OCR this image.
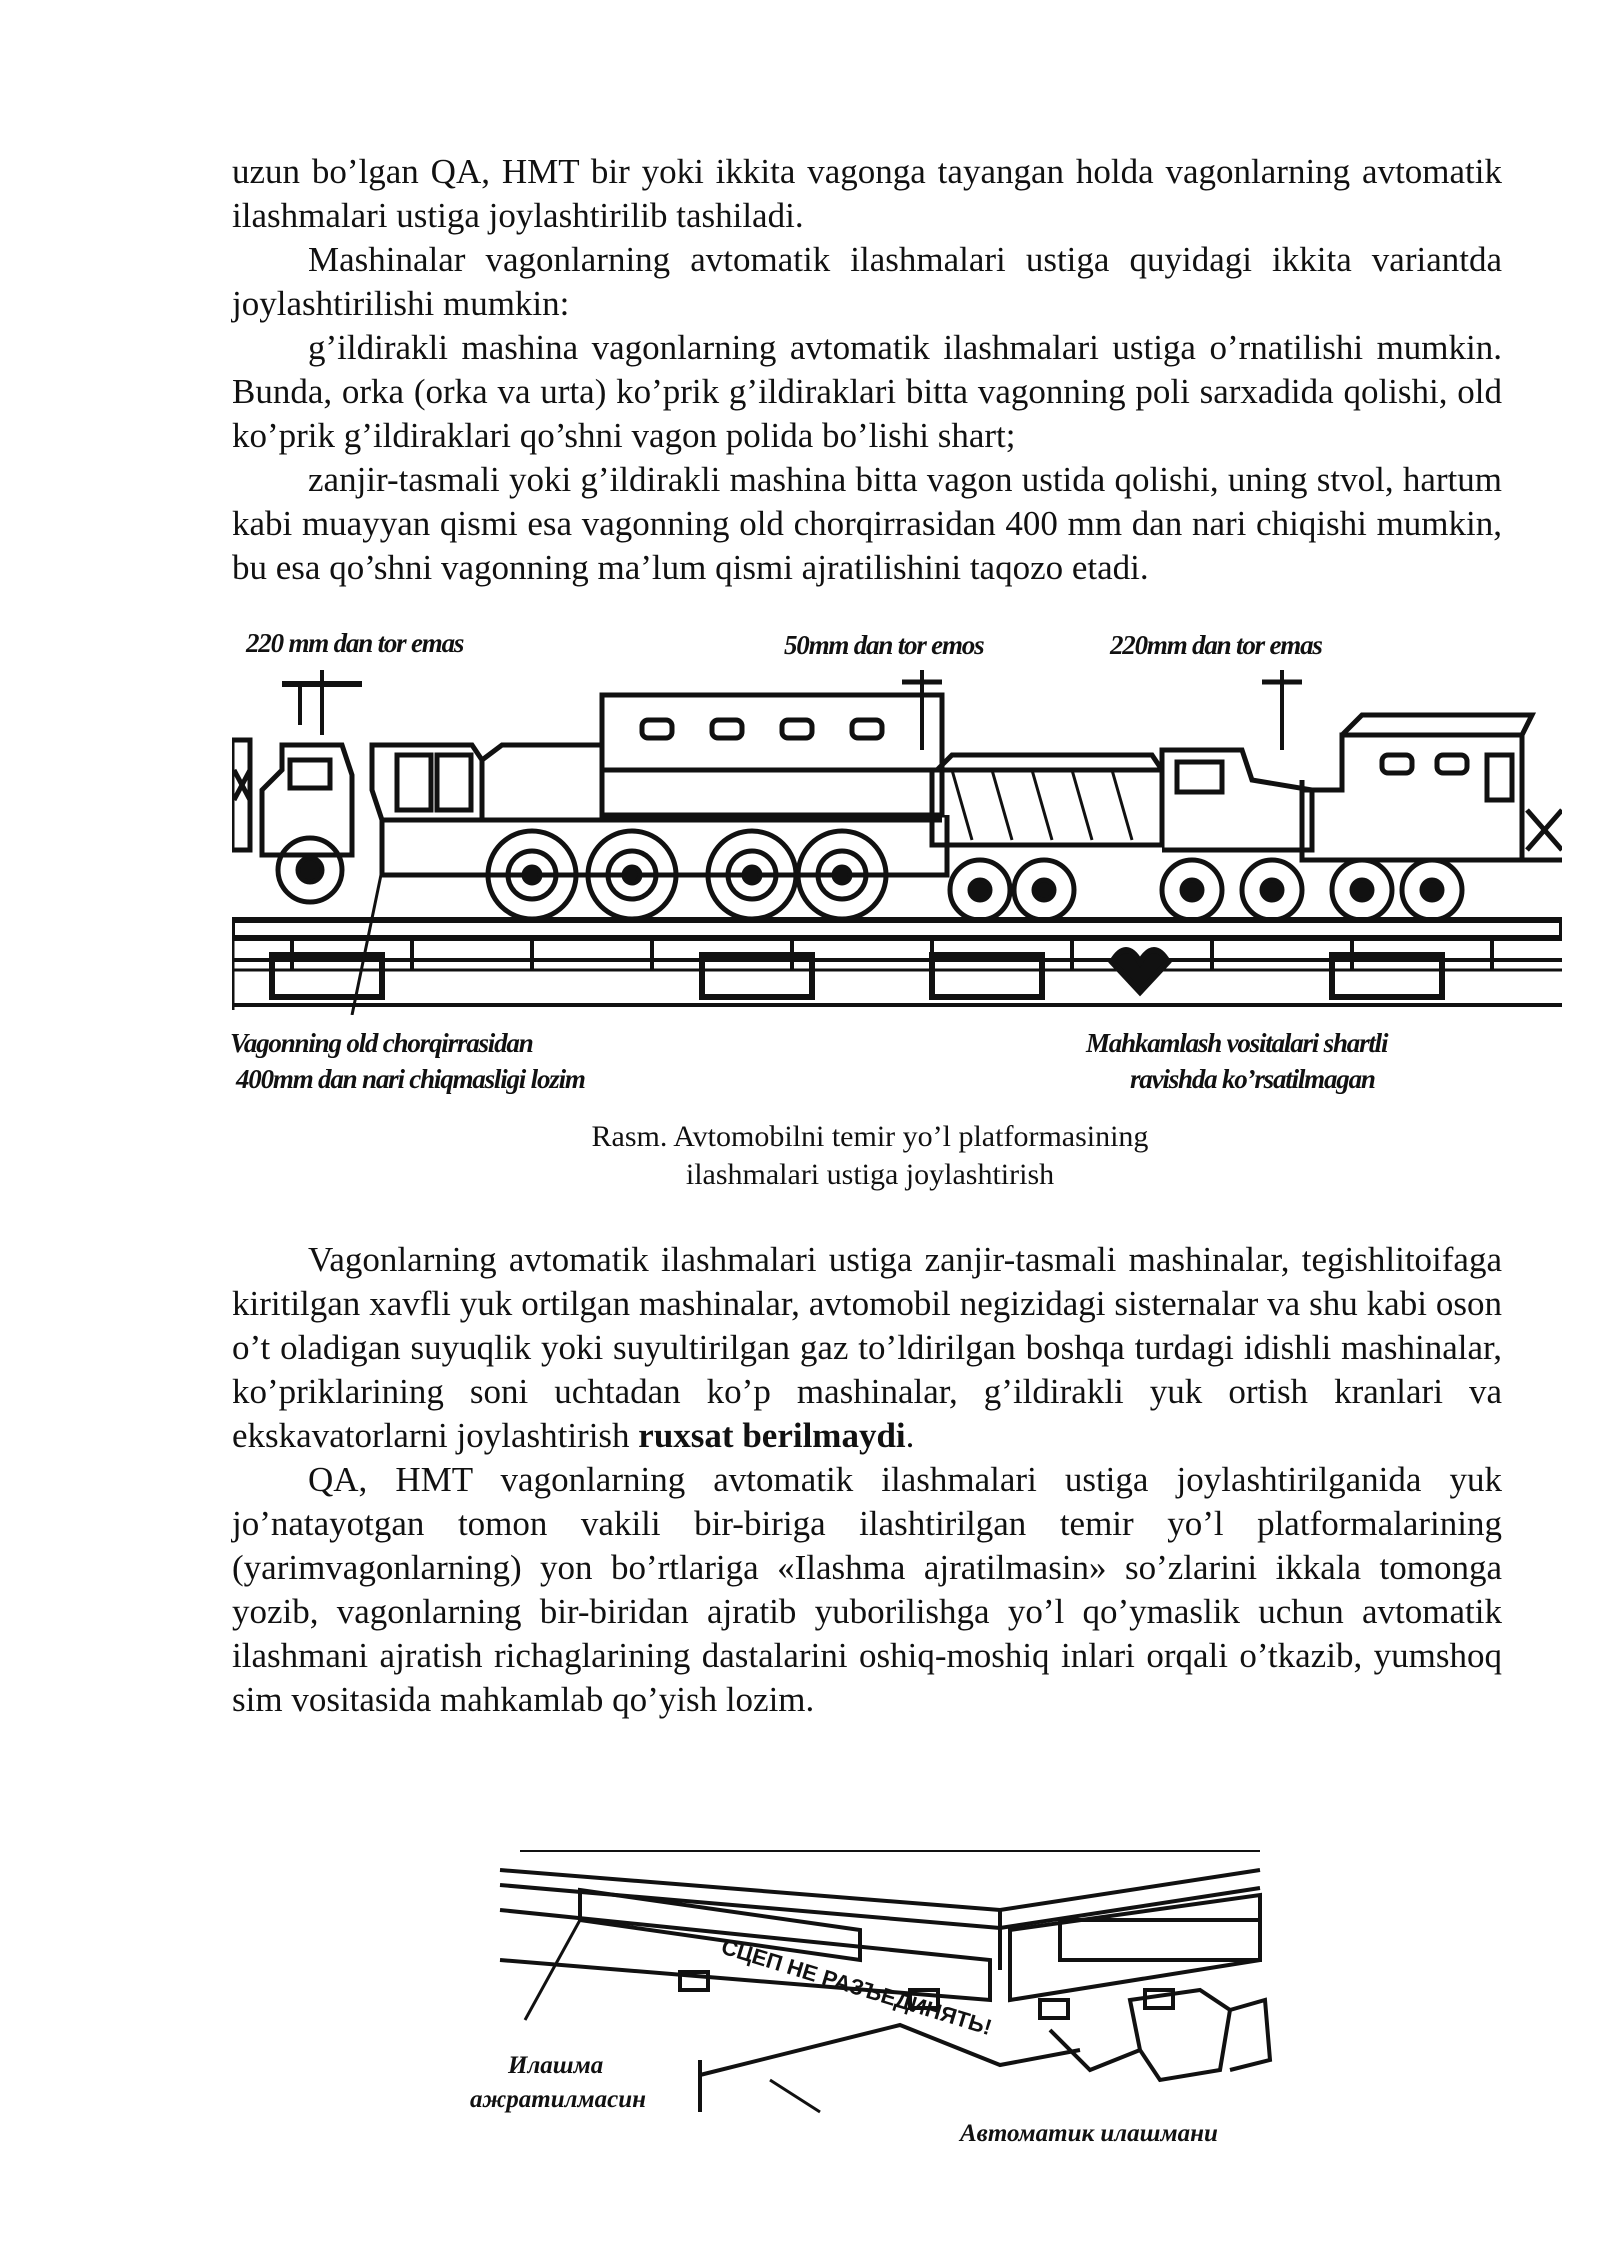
uzun bo’lgan QA, HMT bir yoki ikkita vagonga tayangan holda vagonlarning avtomatik ilashmalari ustiga joylashtirilib tashiladi.

Mashinalar vagonlarning avtomatik ilashmalari ustiga quyidagi ikkita variantda joylashtirilishi mumkin:

g’ildirakli mashina vagonlarning avtomatik ilashmalari ustiga o’rnatilishi mumkin. Bunda, orka (orka va urta) ko’prik g’ildiraklari bitta vagonning poli sarxadida qolishi, old ko’prik g’ildiraklari qo’shni vagon polida bo’lishi shart;

zanjir-tasmali yoki g’ildirakli mashina bitta vagon ustida qolishi, uning stvol, hartum kabi muayyan qismi esa vagonning old chorqirrasidan 400 mm dan nari chiqishi mumkin, bu esa qo’shni vagonning ma’lum qismi ajratilishini taqozo etadi.

220 mm dan tor emas	50mm dan tor emos	220mm dan tor emas
Vagonning old chorqirrasidan
400mm dan nari chiqmasligi lozim
Mahkamlash vositalari shartli
ravishda ko’rsatilmagan
Rasm. Avtomobilni temir yo’l platformasining
ilashmalari ustiga joylashtirish

Vagonlarning avtomatik ilashmalari ustiga zanjir-tasmali mashinalar, tegishlitoifaga kiritilgan xavfli yuk ortilgan mashinalar, avtomobil negizidagi sisternalar va shu kabi oson o’t oladigan suyuqlik yoki suyultirilgan gaz to’ldirilgan boshqa turdagi idishli mashinalar, ko’priklarining soni uchtadan ko’p mashinalar, g’ildirakli yuk ortish kranlari va ekskavatorlarni joylashtirish ruxsat berilmaydi.

QA, HMT vagonlarning avtomatik ilashmalari ustiga joylashtirilganida yuk jo’natayotgan tomon vakili bir-biriga ilashtirilgan temir yo’l platformalarining (yarimvagonlarning) yon bo’rtlariga «Ilashma ajratilmasin» so’zlarini ikkala tomonga yozib, vagonlarning bir-biridan ajratib yuborilishga yo’l qo’ymaslik uchun avtomatik ilashmani ajratish richaglarining dastalarini oshiq-moshiq inlari orqali o’tkazib, yumshoq sim vositasida mahkamlab qo’yish lozim.

СЦЕП НЕ РАЗЪЕДИНЯТЬ!
Илашма
ажратилмасин
Автоматик илашмани
